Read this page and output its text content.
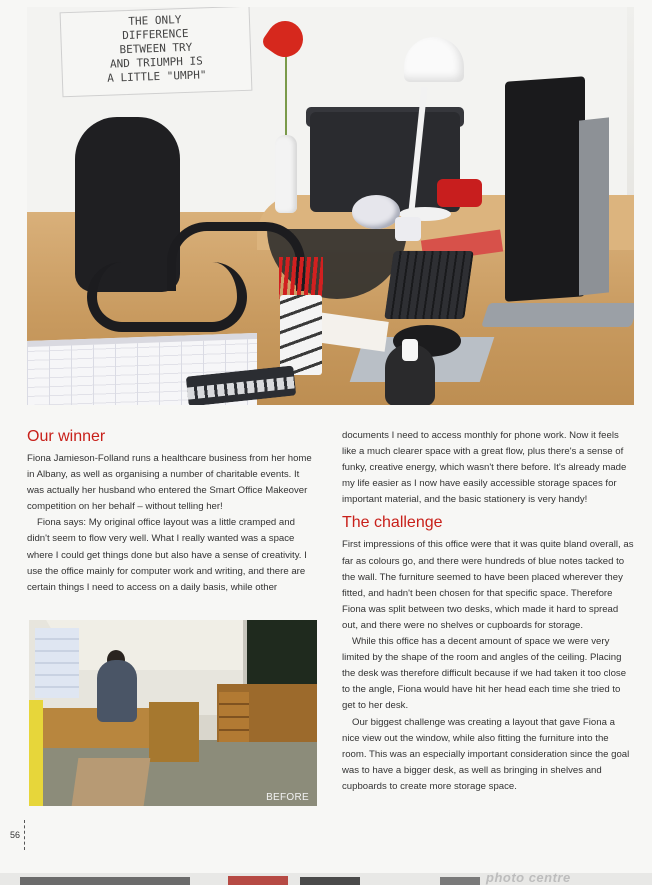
THE ONLY
DIFFERENCE
BETWEEN TRY
AND TRIUMPH IS
A LITTLE "UMPH"
Our winner

Fiona Jamieson-Folland runs a healthcare business from her home in Albany, as well as organising a number of charitable events. It was actually her husband who entered the Smart Office Makeover competition on her behalf – without telling her!

Fiona says: My original office layout was a little cramped and didn't seem to flow very well. What I really wanted was a space where I could get things done but also have a sense of creativity. I use the office mainly for computer work and writing, and there are certain things I need to access on a daily basis, while other

BEFORE

documents I need to access monthly for phone work. Now it feels like a much clearer space with a great flow, plus there's a sense of funky, creative energy, which wasn't there before. It's already made my life easier as I now have easily accessible storage spaces for important material, and the basic stationery is very handy!

The challenge

First impressions of this office were that it was quite bland overall, as far as colours go, and there were hundreds of blue notes tacked to the wall. The furniture seemed to have been placed wherever they fitted, and hadn't been chosen for that specific space. Therefore Fiona was split between two desks, which made it hard to spread out, and there were no shelves or cupboards for storage.

While this office has a decent amount of space we were very limited by the shape of the room and angles of the ceiling. Placing the desk was therefore difficult because if we had taken it too close to the angle, Fiona would have hit her head each time she tried to get to her desk.

Our biggest challenge was creating a layout that gave Fiona a nice view out the window, while also fitting the furniture into the room. This was an especially important consideration since the goal was to have a bigger desk, as well as bringing in shelves and cupboards to create more storage space.

56
photo centre
